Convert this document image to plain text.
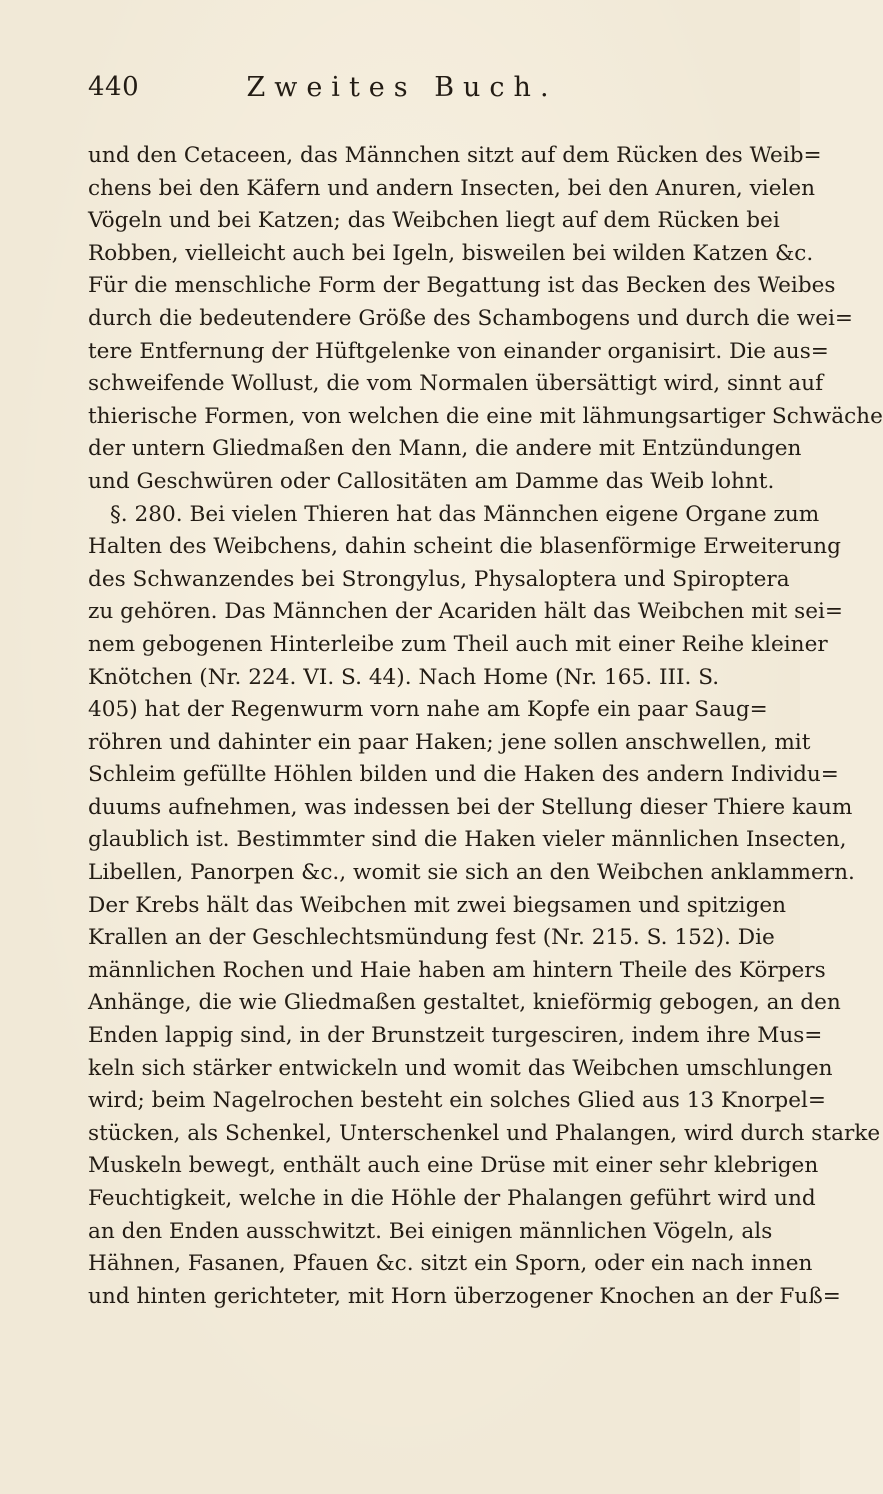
440	Zweites Buch.
und den Cetaceen, das Männchen sitzt auf dem Rücken des Weib=
chens bei den Käfern und andern Insecten, bei den Anuren, vielen
Vögeln und bei Katzen; das Weibchen liegt auf dem Rücken bei
Robben, vielleicht auch bei Igeln, bisweilen bei wilden Katzen &c.
Für die menschliche Form der Begattung ist das Becken des Weibes
durch die bedeutendere Größe des Schambogens und durch die wei=
tere Entfernung der Hüftgelenke von einander organisirt. Die aus=
schweifende Wollust, die vom Normalen übersättigt wird, sinnt auf
thierische Formen, von welchen die eine mit lähmungsartiger Schwäche
der untern Gliedmaßen den Mann, die andere mit Entzündungen
und Geschwüren oder Callositäten am Damme das Weib lohnt.
§. 280. Bei vielen Thieren hat das Männchen eigene Organe zum
Halten des Weibchens, dahin scheint die blasenförmige Erweiterung
des Schwanzendes bei Strongylus, Physaloptera und Spiroptera
zu gehören. Das Männchen der Acariden hält das Weibchen mit sei=
nem gebogenen Hinterleibe zum Theil auch mit einer Reihe kleiner
Knötchen (Nr. 224. VI. S. 44). Nach Home (Nr. 165. III. S.
405) hat der Regenwurm vorn nahe am Kopfe ein paar Saug=
röhren und dahinter ein paar Haken; jene sollen anschwellen, mit
Schleim gefüllte Höhlen bilden und die Haken des andern Individu=
duums aufnehmen, was indessen bei der Stellung dieser Thiere kaum
glaublich ist. Bestimmter sind die Haken vieler männlichen Insecten,
Libellen, Panorpen &c., womit sie sich an den Weibchen anklammern.
Der Krebs hält das Weibchen mit zwei biegsamen und spitzigen
Krallen an der Geschlechtsmündung fest (Nr. 215. S. 152). Die
männlichen Rochen und Haie haben am hintern Theile des Körpers
Anhänge, die wie Gliedmaßen gestaltet, knieförmig gebogen, an den
Enden lappig sind, in der Brunstzeit turgesciren, indem ihre Mus=
keln sich stärker entwickeln und womit das Weibchen umschlungen
wird; beim Nagelrochen besteht ein solches Glied aus 13 Knorpel=
stücken, als Schenkel, Unterschenkel und Phalangen, wird durch starke
Muskeln bewegt, enthält auch eine Drüse mit einer sehr klebrigen
Feuchtigkeit, welche in die Höhle der Phalangen geführt wird und
an den Enden ausschwitzt. Bei einigen männlichen Vögeln, als
Hähnen, Fasanen, Pfauen &c. sitzt ein Sporn, oder ein nach innen
und hinten gerichteter, mit Horn überzogener Knochen an der Fuß=
